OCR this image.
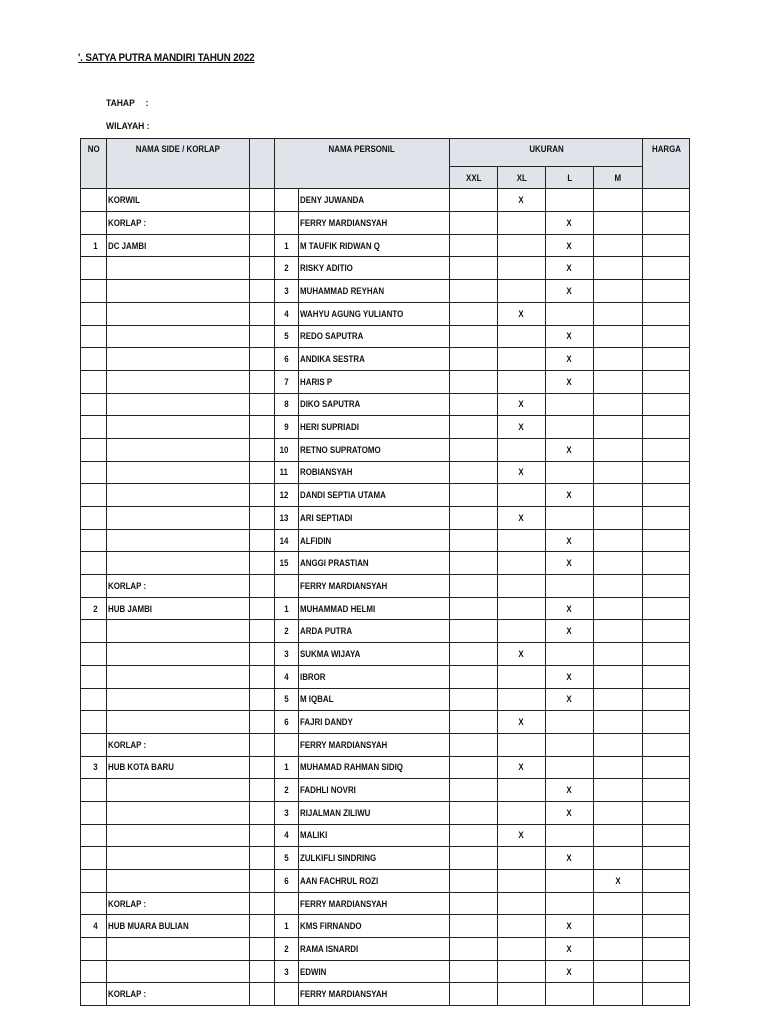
'. SATYA PUTRA MANDIRI TAHUN 2022
TAHAP :
WILAYAH :
NO	NAMA SIDE / KORLAP		NAMA PERSONIL		UKURAN				HARGA
					XXL	XL	L	M	
	KORWIL			DENY JUWANDA		X			
	KORLAP :			FERRY MARDIANSYAH			X		
1	DC JAMBI		1	M TAUFIK RIDWAN Q			X		
			2	RISKY ADITIO			X		
			3	MUHAMMAD REYHAN			X		
			4	WAHYU AGUNG YULIANTO		X			
			5	REDO SAPUTRA			X		
			6	ANDIKA SESTRA			X		
			7	HARIS P			X		
			8	DIKO SAPUTRA		X			
			9	HERI SUPRIADI		X			
			10	RETNO SUPRATOMO			X		
			11	ROBIANSYAH		X			
			12	DANDI SEPTIA UTAMA			X		
			13	ARI SEPTIADI		X			
			14	ALFIDIN			X		
			15	ANGGI PRASTIAN			X		
	KORLAP :			FERRY MARDIANSYAH					
2	HUB JAMBI		1	MUHAMMAD HELMI			X		
			2	ARDA PUTRA			X		
			3	SUKMA WIJAYA		X			
			4	IBROR			X		
			5	M IQBAL			X		
			6	FAJRI DANDY		X			
	KORLAP :			FERRY MARDIANSYAH					
3	HUB KOTA BARU		1	MUHAMAD RAHMAN SIDIQ		X			
			2	FADHLI NOVRI			X		
			3	RIJALMAN ZILIWU			X		
			4	MALIKI		X			
			5	ZULKIFLI SINDRING			X		
			6	AAN FACHRUL ROZI				X	
	KORLAP :			FERRY MARDIANSYAH					
4	HUB MUARA BULIAN		1	KMS FIRNANDO			X		
			2	RAMA ISNARDI			X		
			3	EDWIN			X		
	KORLAP :			FERRY MARDIANSYAH					
